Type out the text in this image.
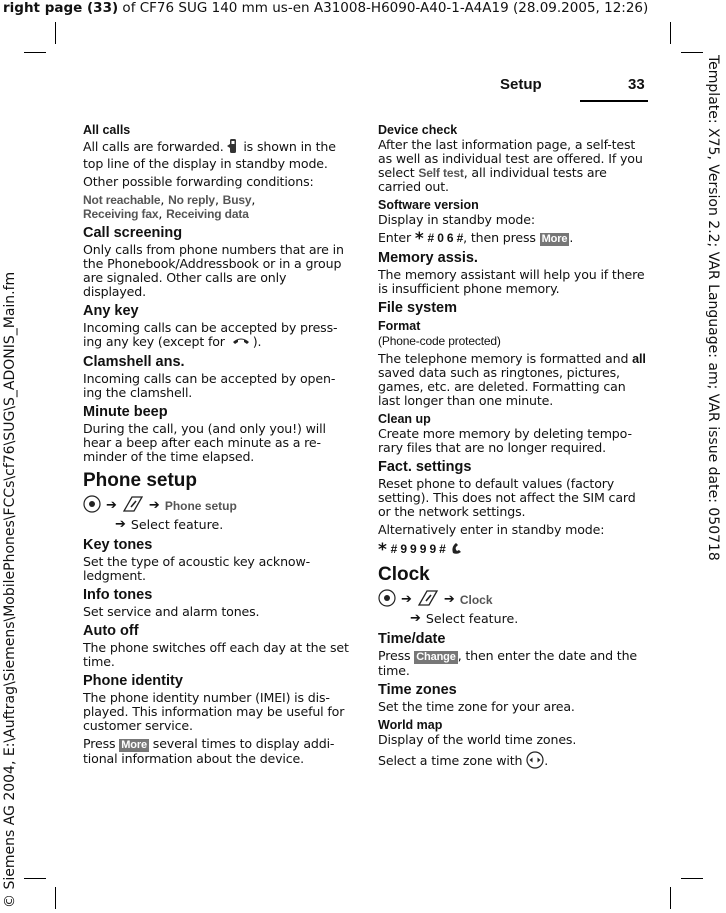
right page (33) of CF76 SUG 140 mm us-en A31008-H6090-A40-1-A4A19 (28.09.2005, 12:26)
Template: X75, Version 2.2; VAR Language: am; VAR issue date: 050718
© Siemens AG 2004, E:\Auftrag\Siemens\MobilePhones\FCCs\cf76\SUG\S_ADONIS_Main.fm
Setup	33
All calls
All calls are forwarded.  is shown in the top line of the display in standby mode.
Other possible forwarding conditions:
Not reachable, No reply, Busy,
Receiving fax, Receiving data
Call screening
Only calls from phone numbers that are in the Phonebook/Addressbook or in a group are signaled. Other calls are only displayed.
Any key
Incoming calls can be accepted by press-ing any key (except for ).
Clamshell ans.
Incoming calls can be accepted by open-ing the clamshell.
Minute beep
During the call, you (and only you!) will hear a beep after each minute as a re-minder of the time elapsed.
Phone setup
➔ ➔ Phone setup
➔ Select feature.
Key tones
Set the type of acoustic key acknow-ledgment.
Info tones
Set service and alarm tones.
Auto off
The phone switches off each day at the set time.
Phone identity
The phone identity number (IMEI) is dis-played. This information may be useful for customer service.
Press More several times to display addi-tional information about the device.
Device check
After the last information page, a self-test as well as individual test are offered. If you select Self test, all individual tests are carried out.
Software version
Display in standby mode:
Enter * # 0 6 #, then press More .
Memory assis.
The memory assistant will help you if there is insufficient phone memory.
File system
Format
(Phone-code protected)
The telephone memory is formatted and all saved data such as ringtones, pictures, games, etc. are deleted. Formatting can last longer than one minute.
Clean up
Create more memory by deleting tempo-rary files that are no longer required.
Fact. settings
Reset phone to default values (factory setting). This does not affect the SIM card or the network settings.
Alternatively enter in standby mode:
* # 9 9 9 9 #
Clock
➔ ➔ Clock
➔ Select feature.
Time/date
Press Change , then enter the date and the time.
Time zones
Set the time zone for your area.
World map
Display of the world time zones.
Select a time zone with .
